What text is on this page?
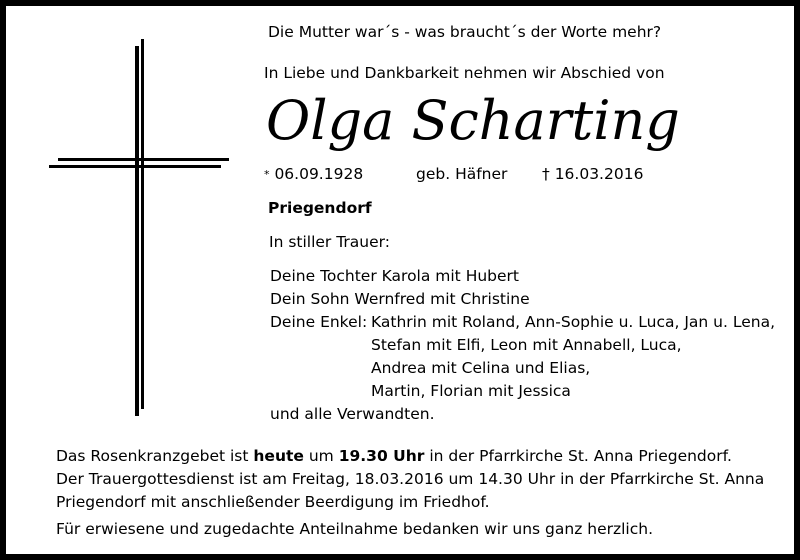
Die Mutter war´s - was braucht´s der Worte mehr?
In Liebe und Dankbarkeit nehmen wir Abschied von
Olga Scharting
* 06.09.1928	geb. Häfner † 16.03.2016
Priegendorf
In stiller Trauer:
Deine Tochter Karola mit Hubert
Dein Sohn Wernfred mit Christine
Deine Enkel: Kathrin mit Roland, Ann-Sophie u. Luca, Jan u. Lena,
Stefan mit Elfi, Leon mit Annabell, Luca,
Andrea mit Celina und Elias,
Martin, Florian mit Jessica
und alle Verwandten.
Das Rosenkranzgebet ist heute um 19.30 Uhr in der Pfarrkirche St. Anna Priegendorf.
Der Trauergottesdienst ist am Freitag, 18.03.2016 um 14.30 Uhr in der Pfarrkirche St. Anna
Priegendorf mit anschließender Beerdigung im Friedhof.
Für erwiesene und zugedachte Anteilnahme bedanken wir uns ganz herzlich.
